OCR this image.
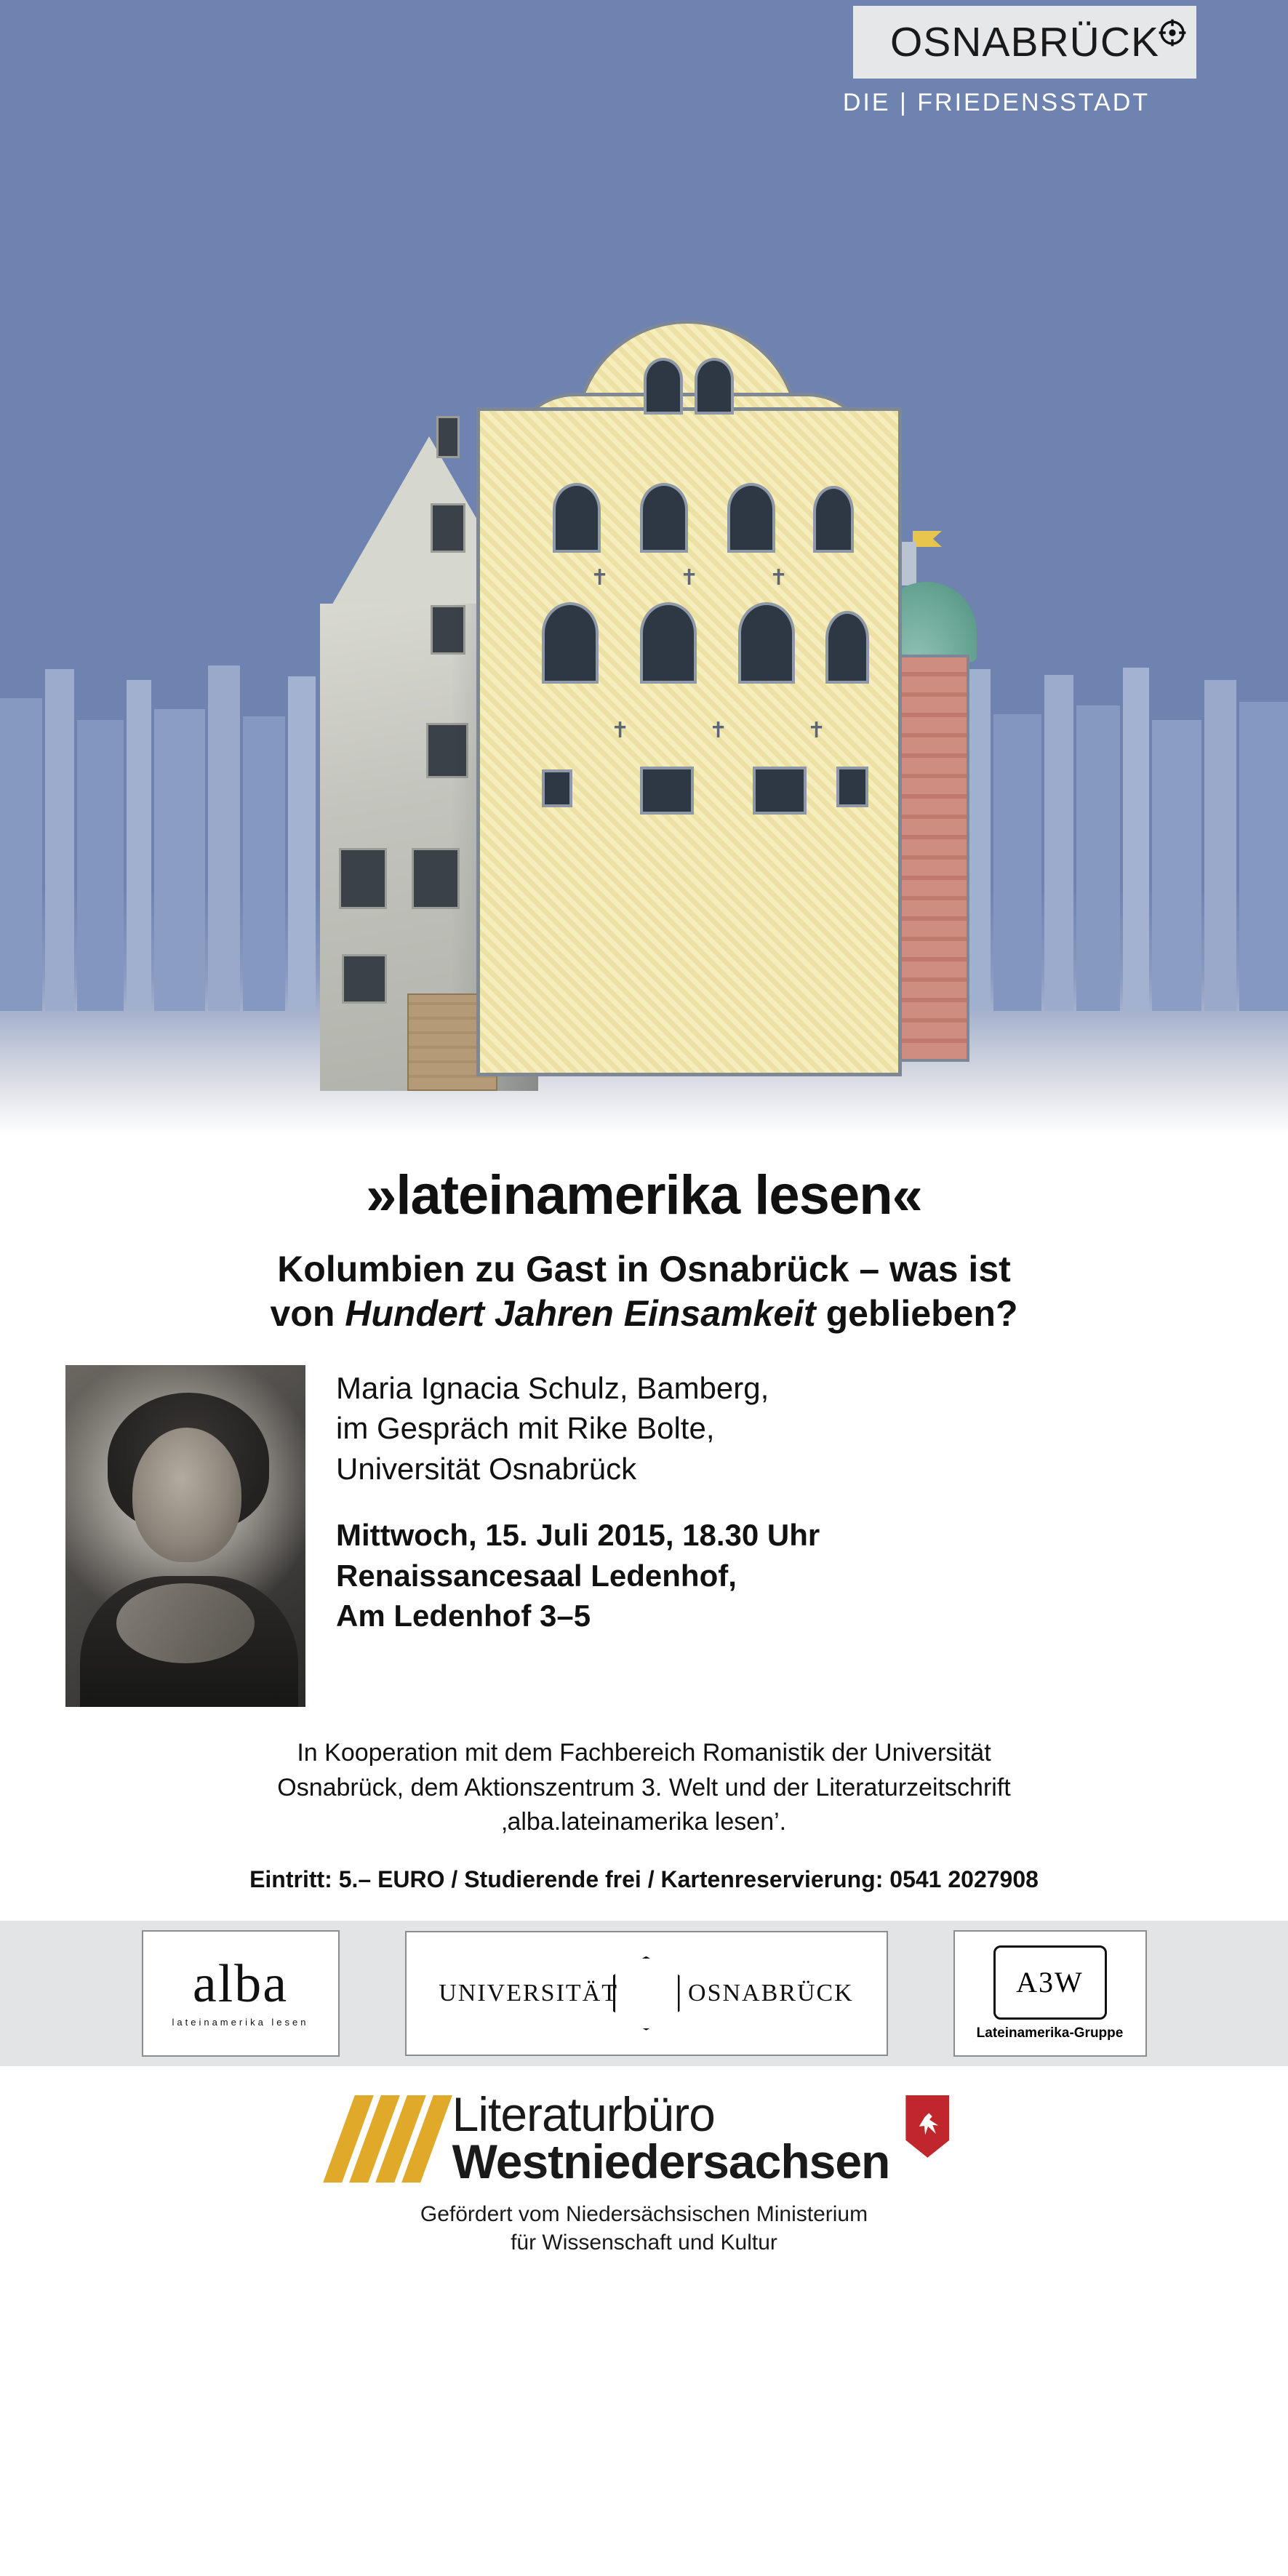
OSNABRÜCK
DIE | FRIEDENSSTADT
✝	✝	✝
✝	✝	✝
»lateinamerika lesen«
Kolumbien zu Gast in Osnabrück – was ist
von Hundert Jahren Einsamkeit geblieben?
Maria Ignacia Schulz, Bamberg,
im Gespräch mit Rike Bolte,
Universität Osnabrück
Mittwoch, 15. Juli 2015, 18.30 Uhr
Renaissancesaal Ledenhof,
Am Ledenhof 3–5
In Kooperation mit dem Fachbereich Romanistik der Universität
Osnabrück, dem Aktionszentrum 3. Welt und der Literaturzeitschrift
‚alba.lateinamerika lesen’.
Eintritt: 5.– EURO / Studierende frei / Kartenreservierung: 0541 2027908
alba
lateinamerika lesen
UNIVERSITÄT	OSNABRÜCK	A3W
Lateinamerika-Gruppe
Literaturbüro
Westniedersachsen
Gefördert vom Niedersächsischen Ministerium
für Wissenschaft und Kultur
